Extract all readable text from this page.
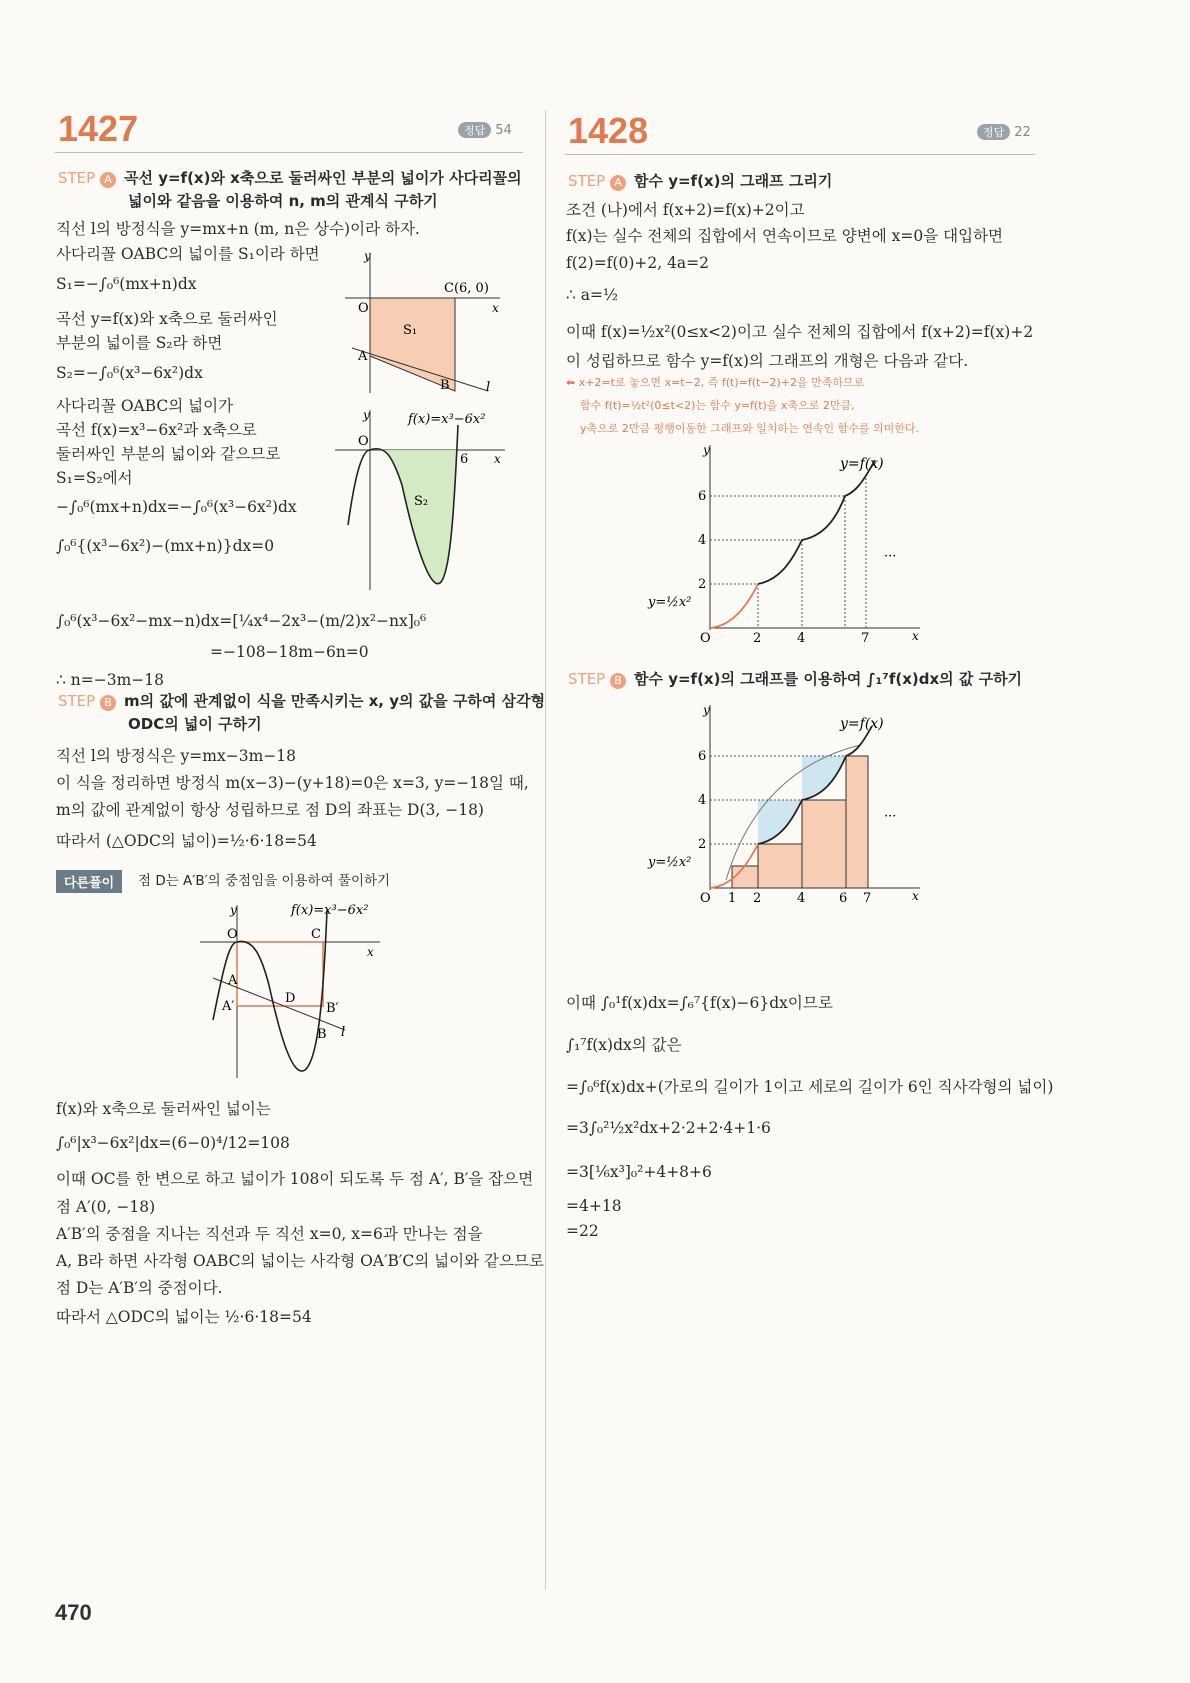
1427	정답 54
STEP A 곡선 y=f(x)와 x축으로 둘러싸인 부분의 넓이가 사다리꼴의
넓이와 같음을 이용하여 n, m의 관계식 구하기
직선 l의 방정식을 y=mx+n (m, n은 상수)이라 하자.
사다리꼴 OABC의 넓이를 S₁이라 하면
S₁=−∫₀⁶(mx+n)dx
곡선 y=f(x)와 x축으로 둘러싸인
부분의 넓이를 S₂라 하면
S₂=−∫₀⁶(x³−6x²)dx
사다리꼴 OABC의 넓이가
곡선 f(x)=x³−6x²과 x축으로
둘러싸인 부분의 넓이와 같으므로
S₁=S₂에서
−∫₀⁶(mx+n)dx=−∫₀⁶(x³−6x²)dx
∫₀⁶{(x³−6x²)−(mx+n)}dx=0
y
x
O
C(6, 0)
S₁
A
B	l
y
x
O
f(x)=x³−6x²
6
S₂
∫₀⁶(x³−6x²−mx−n)dx=[¼x⁴−2x³−(m/2)x²−nx]₀⁶
=−108−18m−6n=0
∴ n=−3m−18
STEP B m의 값에 관계없이 식을 만족시키는 x, y의 값을 구하여 삼각형
ODC의 넓이 구하기
직선 l의 방정식은 y=mx−3m−18
이 식을 정리하면 방정식 m(x−3)−(y+18)=0은 x=3, y=−18일 때,
m의 값에 관계없이 항상 성립하므로 점 D의 좌표는 D(3, −18)
따라서 (△ODC의 넓이)=½·6·18=54
다른풀이	점 D는 A′B′의 중점임을 이용하여 풀이하기
y
x
O
f(x)=x³−6x²
C
A
A′
D
B′
B l
f(x)와 x축으로 둘러싸인 넓이는
∫₀⁶|x³−6x²|dx=(6−0)⁴/12=108
이때 OC를 한 변으로 하고 넓이가 108이 되도록 두 점 A′, B′을 잡으면
점 A′(0, −18)
A′B′의 중점을 지나는 직선과 두 직선 x=0, x=6과 만나는 점을
A, B라 하면 사각형 OABC의 넓이는 사각형 OA′B′C의 넓이와 같으므로
점 D는 A′B′의 중점이다.
따라서 △ODC의 넓이는 ½·6·18=54
1428	정답 22
STEP A 함수 y=f(x)의 그래프 그리기
조건 (나)에서 f(x+2)=f(x)+2이고
f(x)는 실수 전체의 집합에서 연속이므로 양변에 x=0을 대입하면
f(2)=f(0)+2, 4a=2
∴ a=½
이때 f(x)=½x²(0≤x<2)이고 실수 전체의 집합에서 f(x+2)=f(x)+2
이 성립하므로 함수 y=f(x)의 그래프의 개형은 다음과 같다.
⬅ x+2=t로 놓으면 x=t−2, 즉 f(t)=f(t−2)+2을 만족하므로
함수 f(t)=½t²(0≤t<2)는 함수 y=f(t)을 x축으로 2만큼,
y축으로 2만큼 평행이동한 그래프와 일치하는 연속인 함수를 의미한다.
y
x
y=f(x)
y=½x²
6
4
2
O	2	4	7
···
STEP B 함수 y=f(x)의 그래프를 이용하여 ∫₁⁷f(x)dx의 값 구하기
y
x
y=f(x)
y=½x²
6
4
2
O 1 2	4	6 7
···
이때 ∫₀¹f(x)dx=∫₆⁷{f(x)−6}dx이므로
∫₁⁷f(x)dx의 값은
=∫₀⁶f(x)dx+(가로의 길이가 1이고 세로의 길이가 6인 직사각형의 넓이)
=3∫₀²½x²dx+2·2+2·4+1·6
=3[⅙x³]₀²+4+8+6
=4+18
=22
470
